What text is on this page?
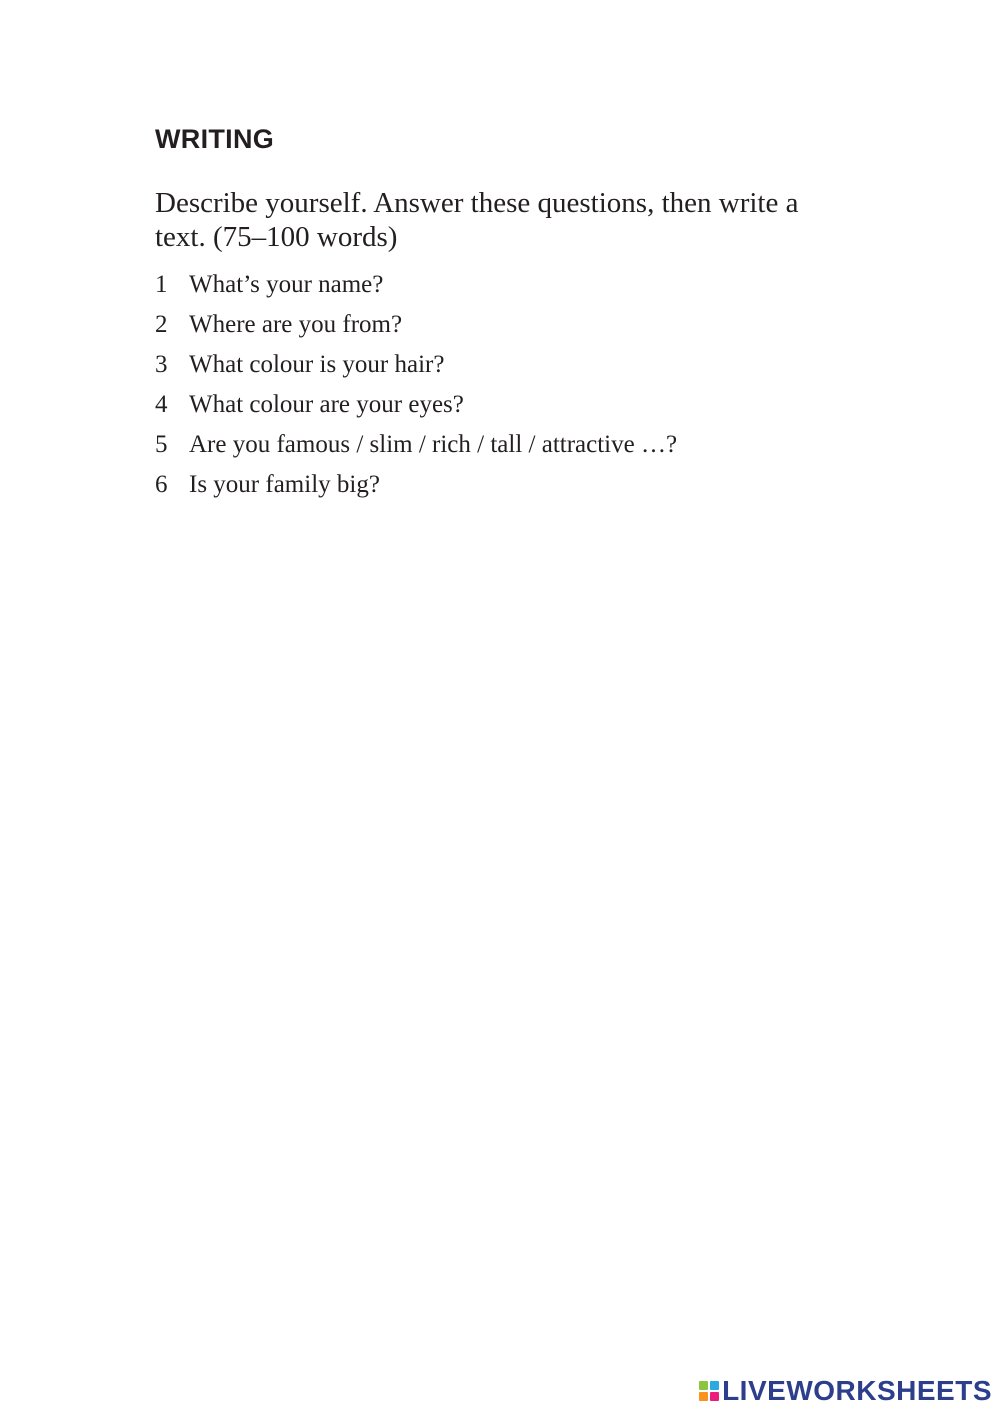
WRITING

Describe yourself. Answer these questions, then write a text. (75–100 words)

1 What’s your name?
2 Where are you from?
3 What colour is your hair?
4 What colour are your eyes?
5 Are you famous / slim / rich / tall / attractive …?
6 Is your family big?
LIVEWORKSHEETS
